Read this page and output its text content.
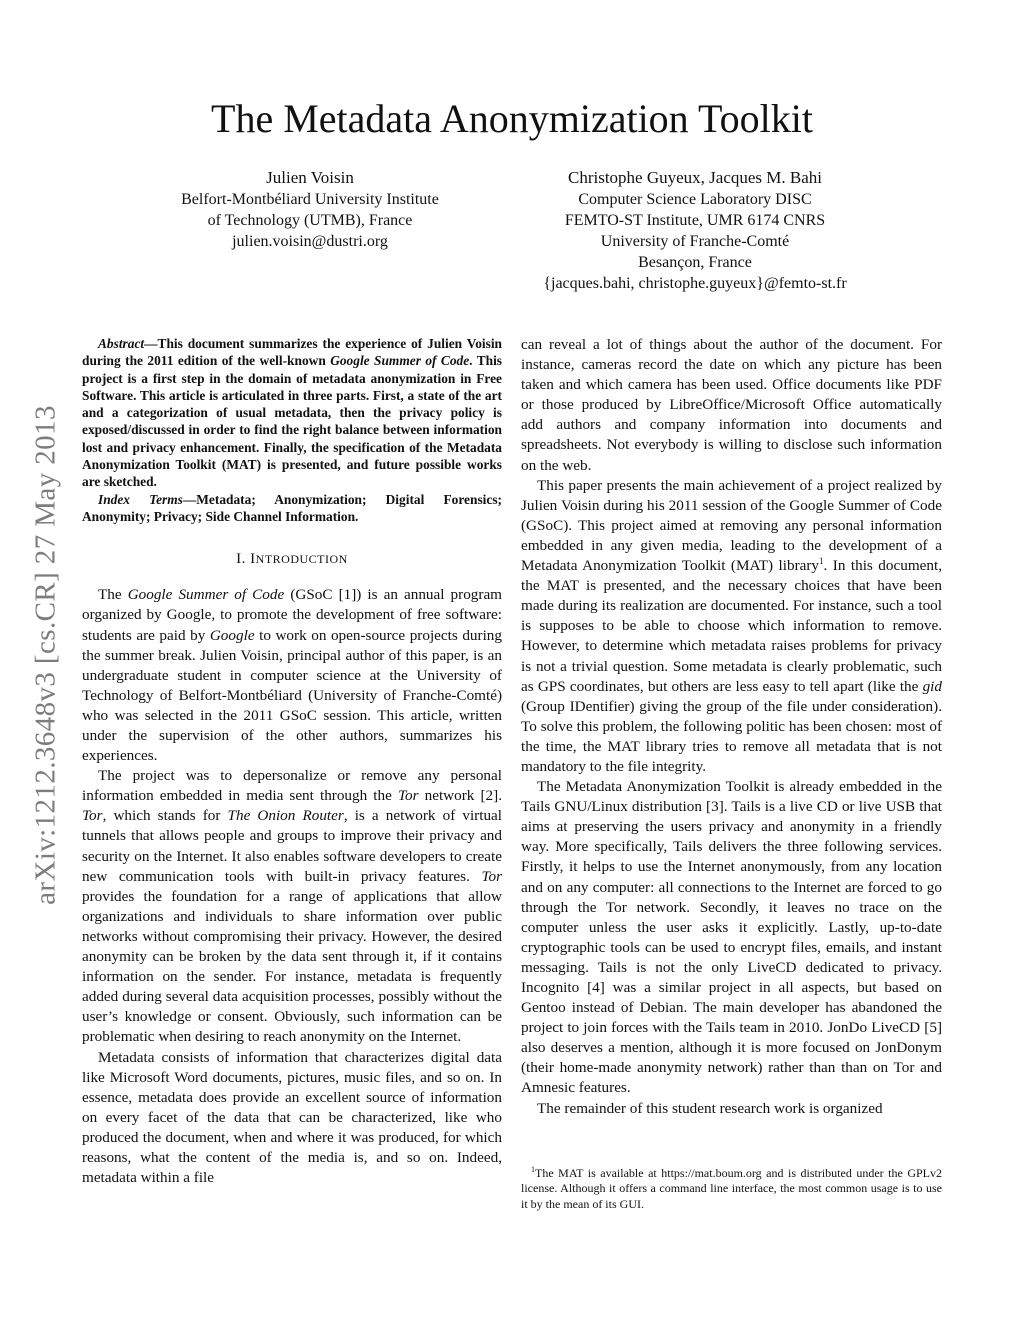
arXiv:1212.3648v3 [cs.CR] 27 May 2013
The Metadata Anonymization Toolkit
Julien Voisin
Belfort-Montbéliard University Institute
of Technology (UTMB), France
julien.voisin@dustri.org
Christophe Guyeux, Jacques M. Bahi
Computer Science Laboratory DISC
FEMTO-ST Institute, UMR 6174 CNRS
University of Franche-Comté
Besançon, France
{jacques.bahi, christophe.guyeux}@femto-st.fr

Abstract—This document summarizes the experience of Julien Voisin during the 2011 edition of the well-known Google Summer of Code. This project is a first step in the domain of metadata anonymization in Free Software. This article is articulated in three parts. First, a state of the art and a categorization of usual metadata, then the privacy policy is exposed/discussed in order to find the right balance between information lost and privacy enhancement. Finally, the specification of the Metadata Anonymization Toolkit (MAT) is presented, and future possible works are sketched.

Index Terms—Metadata; Anonymization; Digital Forensics; Anonymity; Privacy; Side Channel Information.

I. INTRODUCTION

The Google Summer of Code (GSoC [1]) is an annual program organized by Google, to promote the development of free software: students are paid by Google to work on open-source projects during the summer break. Julien Voisin, principal author of this paper, is an undergraduate student in computer science at the University of Technology of Belfort-Montbéliard (University of Franche-Comté) who was selected in the 2011 GSoC session. This article, written under the supervision of the other authors, summarizes his experiences.

The project was to depersonalize or remove any personal information embedded in media sent through the Tor network [2]. Tor, which stands for The Onion Router, is a network of virtual tunnels that allows people and groups to improve their privacy and security on the Internet. It also enables software developers to create new communication tools with built-in privacy features. Tor provides the foundation for a range of applications that allow organizations and individuals to share information over public networks without compromising their privacy. However, the desired anonymity can be broken by the data sent through it, if it contains information on the sender. For instance, metadata is frequently added during several data acquisition processes, possibly without the user’s knowledge or consent. Obviously, such information can be problematic when desiring to reach anonymity on the Internet.

Metadata consists of information that characterizes digital data like Microsoft Word documents, pictures, music files, and so on. In essence, metadata does provide an excellent source of information on every facet of the data that can be characterized, like who produced the document, when and where it was produced, for which reasons, what the content of the media is, and so on. Indeed, metadata within a file

can reveal a lot of things about the author of the document. For instance, cameras record the date on which any picture has been taken and which camera has been used. Office documents like PDF or those produced by LibreOffice/Microsoft Office automatically add authors and company information into documents and spreadsheets. Not everybody is willing to disclose such information on the web.

This paper presents the main achievement of a project realized by Julien Voisin during his 2011 session of the Google Summer of Code (GSoC). This project aimed at removing any personal information embedded in any given media, leading to the development of a Metadata Anonymization Toolkit (MAT) library$^1$. In this document, the MAT is presented, and the necessary choices that have been made during its realization are documented. For instance, such a tool is supposes to be able to choose which information to remove. However, to determine which metadata raises problems for privacy is not a trivial question. Some metadata is clearly problematic, such as GPS coordinates, but others are less easy to tell apart (like the gid (Group IDentifier) giving the group of the file under consideration). To solve this problem, the following politic has been chosen: most of the time, the MAT library tries to remove all metadata that is not mandatory to the file integrity.

The Metadata Anonymization Toolkit is already embedded in the Tails GNU/Linux distribution [3]. Tails is a live CD or live USB that aims at preserving the users privacy and anonymity in a friendly way. More specifically, Tails delivers the three following services. Firstly, it helps to use the Internet anonymously, from any location and on any computer: all connections to the Internet are forced to go through the Tor network. Secondly, it leaves no trace on the computer unless the user asks it explicitly. Lastly, up-to-date cryptographic tools can be used to encrypt files, emails, and instant messaging. Tails is not the only LiveCD dedicated to privacy. Incognito [4] was a similar project in all aspects, but based on Gentoo instead of Debian. The main developer has abandoned the project to join forces with the Tails team in 2010. JonDo LiveCD [5] also deserves a mention, although it is more focused on JonDonym (their home-made anonymity network) rather than than on Tor and Amnesic features.

The remainder of this student research work is organized

$^1$The MAT is available at https://mat.boum.org and is distributed under the GPLv2 license. Although it offers a command line interface, the most common usage is to use it by the mean of its GUI.
